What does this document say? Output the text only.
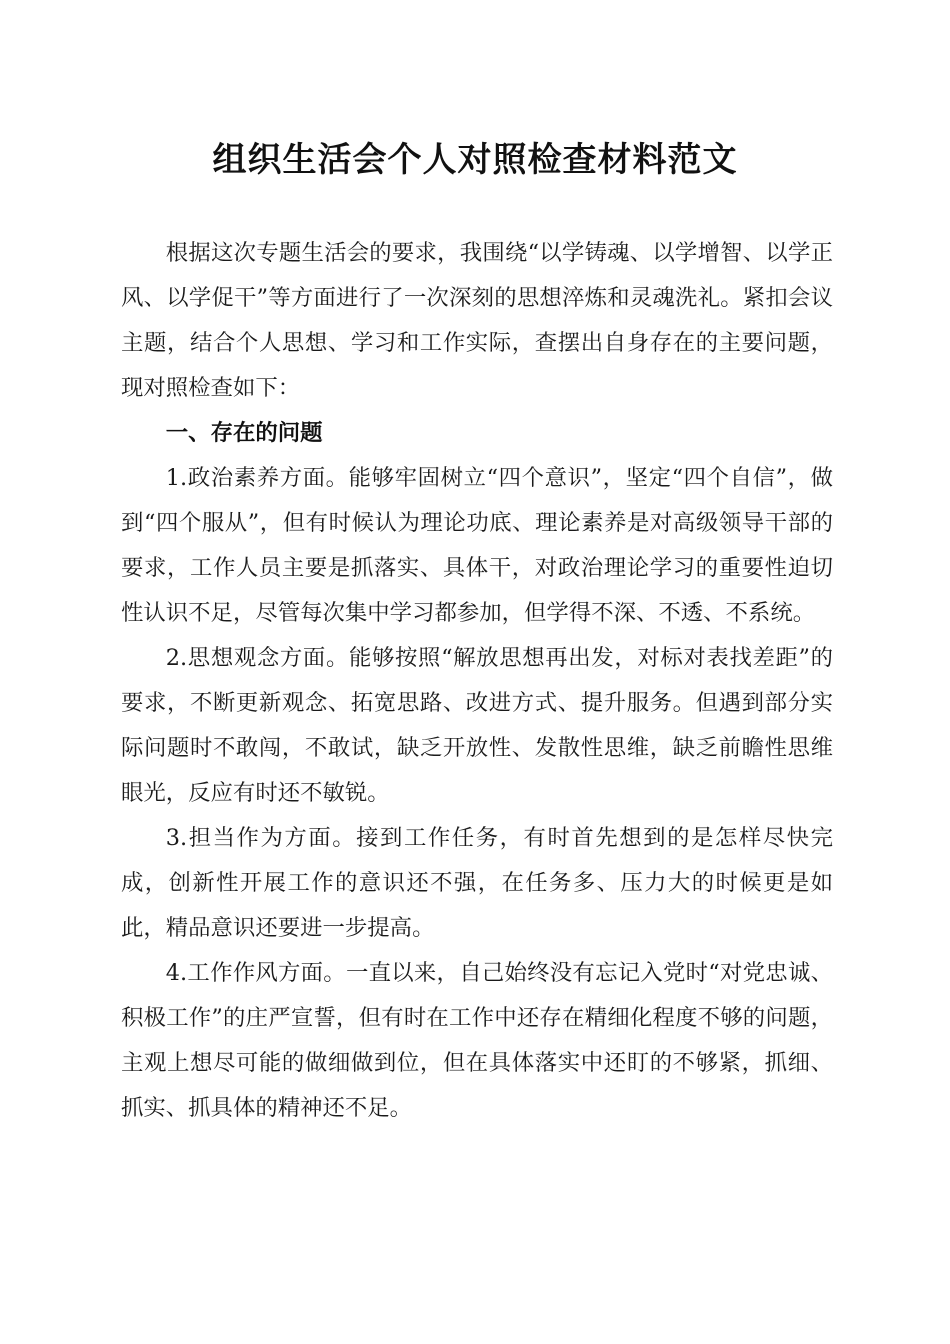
组织生活会个人对照检查材料范文

根据这次专题生活会的要求，我围绕“以学铸魂、以学增智、以学正风、以学促干”等方面进行了一次深刻的思想淬炼和灵魂洗礼。紧扣会议主题，结合个人思想、学习和工作实际，查摆出自身存在的主要问题，现对照检查如下：

一、存在的问题

1.政治素养方面。能够牢固树立“四个意识”，坚定“四个自信”，做到“四个服从”，但有时候认为理论功底、理论素养是对高级领导干部的要求，工作人员主要是抓落实、具体干，对政治理论学习的重要性迫切性认识不足，尽管每次集中学习都参加，但学得不深、不透、不系统。

2.思想观念方面。能够按照“解放思想再出发，对标对表找差距”的要求，不断更新观念、拓宽思路、改进方式、提升服务。但遇到部分实际问题时不敢闯，不敢试，缺乏开放性、发散性思维，缺乏前瞻性思维眼光，反应有时还不敏锐。

3.担当作为方面。接到工作任务，有时首先想到的是怎样尽快完成，创新性开展工作的意识还不强，在任务多、压力大的时候更是如此，精品意识还要进一步提高。

4.工作作风方面。一直以来，自己始终没有忘记入党时“对党忠诚、积极工作”的庄严宣誓，但有时在工作中还存在精细化程度不够的问题，主观上想尽可能的做细做到位，但在具体落实中还盯的不够紧，抓细、抓实、抓具体的精神还不足。
